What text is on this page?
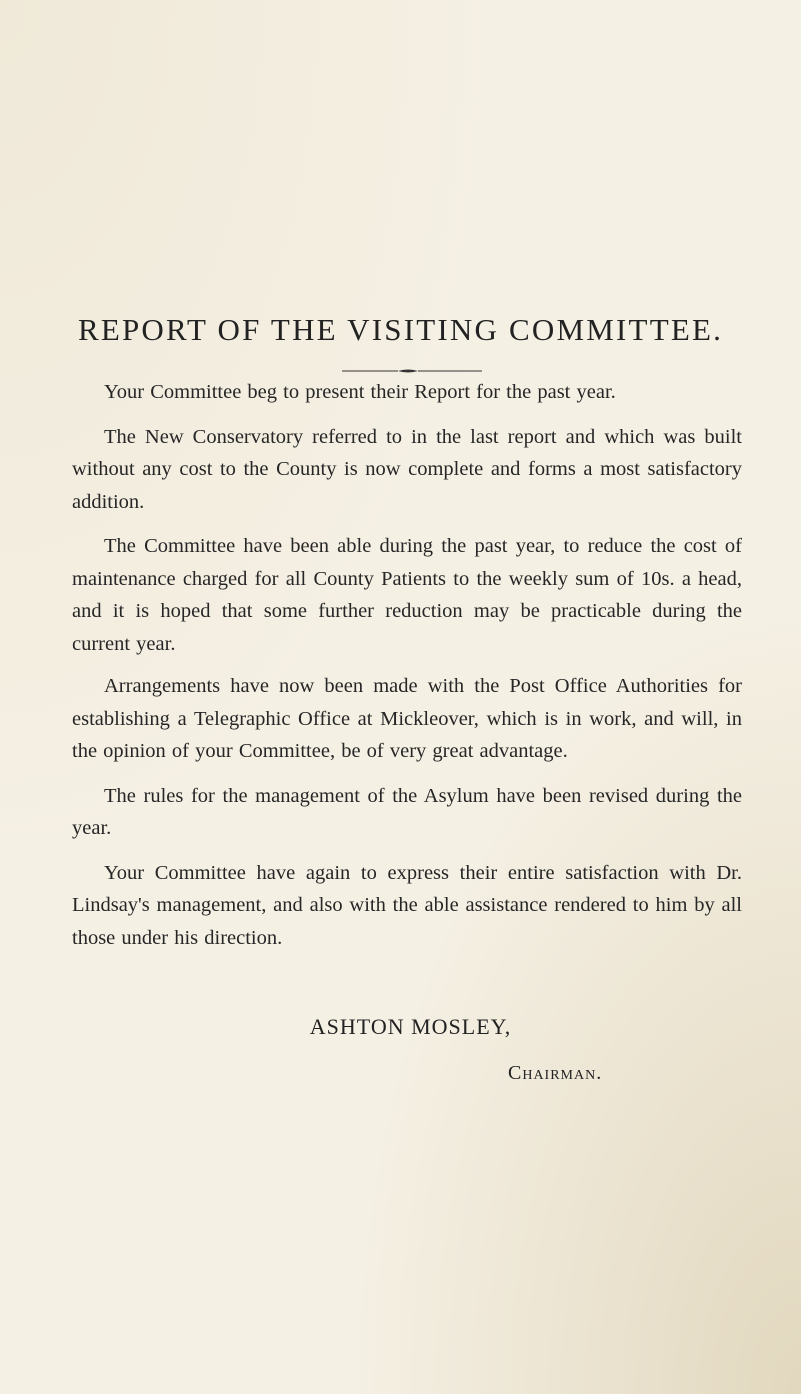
REPORT OF THE VISITING COMMITTEE.

Your Committee beg to present their Report for the past year.

The New Conservatory referred to in the last report and which was built without any cost to the County is now complete and forms a most satisfactory addition.

The Committee have been able during the past year, to reduce the cost of maintenance charged for all County Patients to the weekly sum of 10s. a head, and it is hoped that some further reduction may be practicable during the current year.

Arrangements have now been made with the Post Office Authorities for establishing a Telegraphic Office at Mickleover, which is in work, and will, in the opinion of your Committee, be of very great advantage.

The rules for the management of the Asylum have been revised during the year.

Your Committee have again to express their entire satisfaction with Dr. Lindsay's management, and also with the able assistance rendered to him by all those under his direction.

ASHTON MOSLEY,
Chairman.
